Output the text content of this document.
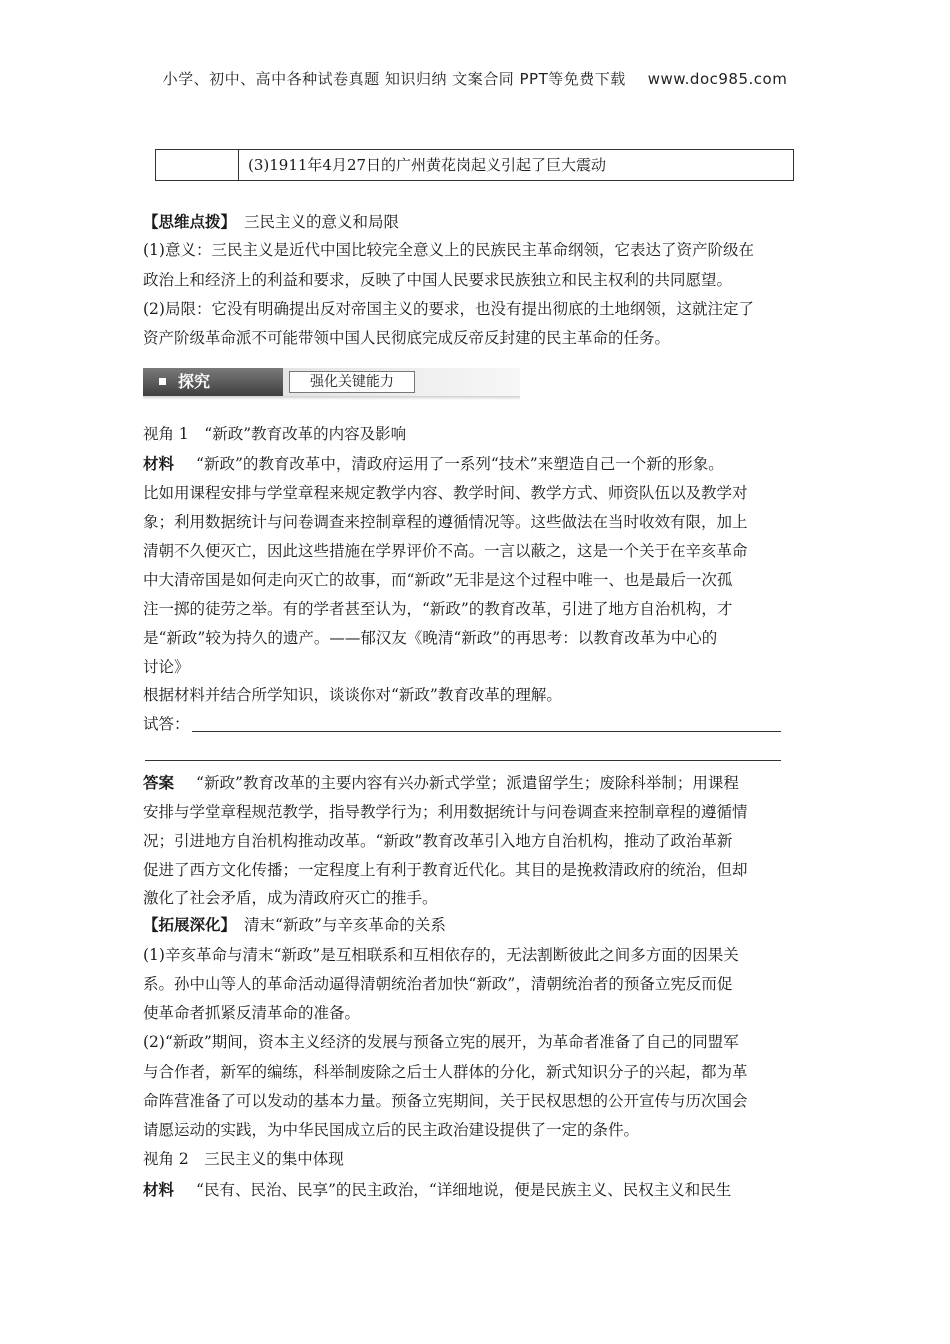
小学、初中、高中各种试卷真题 知识归纳 文案合同 PPT等免费下载 www.doc985.com
(3)1911年4月27日的广州黄花岗起义引起了巨大震动
【思维点拨】 三民主义的意义和局限
(1)意义：三民主义是近代中国比较完全意义上的民族民主革命纲领，它表达了资产阶级在
政治上和经济上的利益和要求，反映了中国人民要求民族独立和民主权利的共同愿望。
(2)局限：它没有明确提出反对帝国主义的要求，也没有提出彻底的土地纲领，这就注定了
资产阶级革命派不可能带领中国人民彻底完成反帝反封建的民主革命的任务。
探究	强化关键能力
视角 1　“新政”教育改革的内容及影响
材料 “新政”的教育改革中，清政府运用了一系列“技术”来塑造自己一个新的形象。
比如用课程安排与学堂章程来规定教学内容、教学时间、教学方式、师资队伍以及教学对
象；利用数据统计与问卷调查来控制章程的遵循情况等。这些做法在当时收效有限，加上
清朝不久便灭亡，因此这些措施在学界评价不高。一言以蔽之，这是一个关于在辛亥革命
中大清帝国是如何走向灭亡的故事，而“新政”无非是这个过程中唯一、也是最后一次孤
注一掷的徒劳之举。有的学者甚至认为，“新政”的教育改革，引进了地方自治机构，才
是“新政”较为持久的遗产。——郁汉友《晚清“新政”的再思考：以教育改革为中心的
讨论》
根据材料并结合所学知识，谈谈你对“新政”教育改革的理解。
试答：
答案 “新政”教育改革的主要内容有兴办新式学堂；派遣留学生；废除科举制；用课程
安排与学堂章程规范教学，指导教学行为；利用数据统计与问卷调查来控制章程的遵循情
况；引进地方自治机构推动改革。“新政”教育改革引入地方自治机构，推动了政治革新
促进了西方文化传播；一定程度上有利于教育近代化。其目的是挽救清政府的统治，但却
激化了社会矛盾，成为清政府灭亡的推手。
【拓展深化】 清末“新政”与辛亥革命的关系
(1)辛亥革命与清末“新政”是互相联系和互相依存的，无法割断彼此之间多方面的因果关
系。孙中山等人的革命活动逼得清朝统治者加快“新政”，清朝统治者的预备立宪反而促
使革命者抓紧反清革命的准备。
(2)“新政”期间，资本主义经济的发展与预备立宪的展开，为革命者准备了自己的同盟军
与合作者，新军的编练，科举制废除之后士人群体的分化，新式知识分子的兴起，都为革
命阵营准备了可以发动的基本力量。预备立宪期间，关于民权思想的公开宣传与历次国会
请愿运动的实践，为中华民国成立后的民主政治建设提供了一定的条件。
视角 2　三民主义的集中体现
材料 “民有、民治、民享”的民主政治，“详细地说，便是民族主义、民权主义和民生
